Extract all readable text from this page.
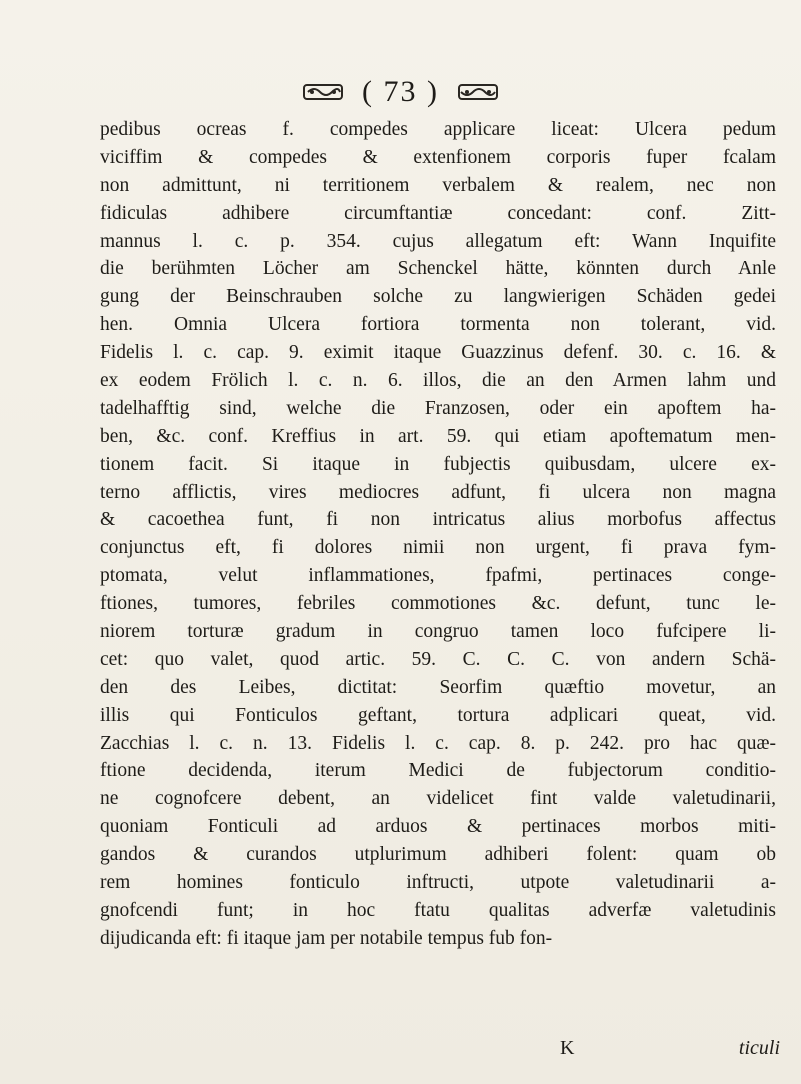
( 73 )
pedibus ocreas f. compedes applicare liceat: Ulcera pedum
viciffim & compedes & extenfionem corporis fuper fcalam
non admittunt, ni territionem verbalem & realem, nec non
fidiculas adhibere circumftantiæ concedant: conf. Zitt-
mannus l. c. p. 354. cujus allegatum eft: Wann Inquifite
die berühmten Löcher am Schenckel hätte, könnten durch Anle
gung der Beinschrauben solche zu langwierigen Schäden gedei
hen. Omnia Ulcera fortiora tormenta non tolerant, vid.
Fidelis l. c. cap. 9. eximit itaque Guazzinus defenf. 30. c. 16. &
ex eodem Frölich l. c. n. 6. illos, die an den Armen lahm und
tadelhafftig sind, welche die Franzosen, oder ein apoftem ha-
ben, &c. conf. Kreffius in art. 59. qui etiam apoftematum men-
tionem facit. Si itaque in fubjectis quibusdam, ulcere ex-
terno afflictis, vires mediocres adfunt, fi ulcera non magna
& cacoethea funt, fi non intricatus alius morbofus affectus
conjunctus eft, fi dolores nimii non urgent, fi prava fym-
ptomata, velut inflammationes, fpafmi, pertinaces conge-
ftiones, tumores, febriles commotiones &c. defunt, tunc le-
niorem torturæ gradum in congruo tamen loco fufcipere li-
cet: quo valet, quod artic. 59. C. C. C. von andern Schä-
den des Leibes, dictitat: Seorfim quæftio movetur, an
illis qui Fonticulos geftant, tortura adplicari queat, vid.
Zacchias l. c. n. 13. Fidelis l. c. cap. 8. p. 242. pro hac quæ-
ftione decidenda, iterum Medici de fubjectorum conditio-
ne cognofcere debent, an videlicet fint valde valetudinarii,
quoniam Fonticuli ad arduos & pertinaces morbos miti-
gandos & curandos utplurimum adhiberi folent: quam ob
rem homines fonticulo inftructi, utpote valetudinarii a-
gnofcendi funt; in hoc ftatu qualitas adverfæ valetudinis
dijudicanda eft: fi itaque jam per notabile tempus fub fon-
K	ticuli
